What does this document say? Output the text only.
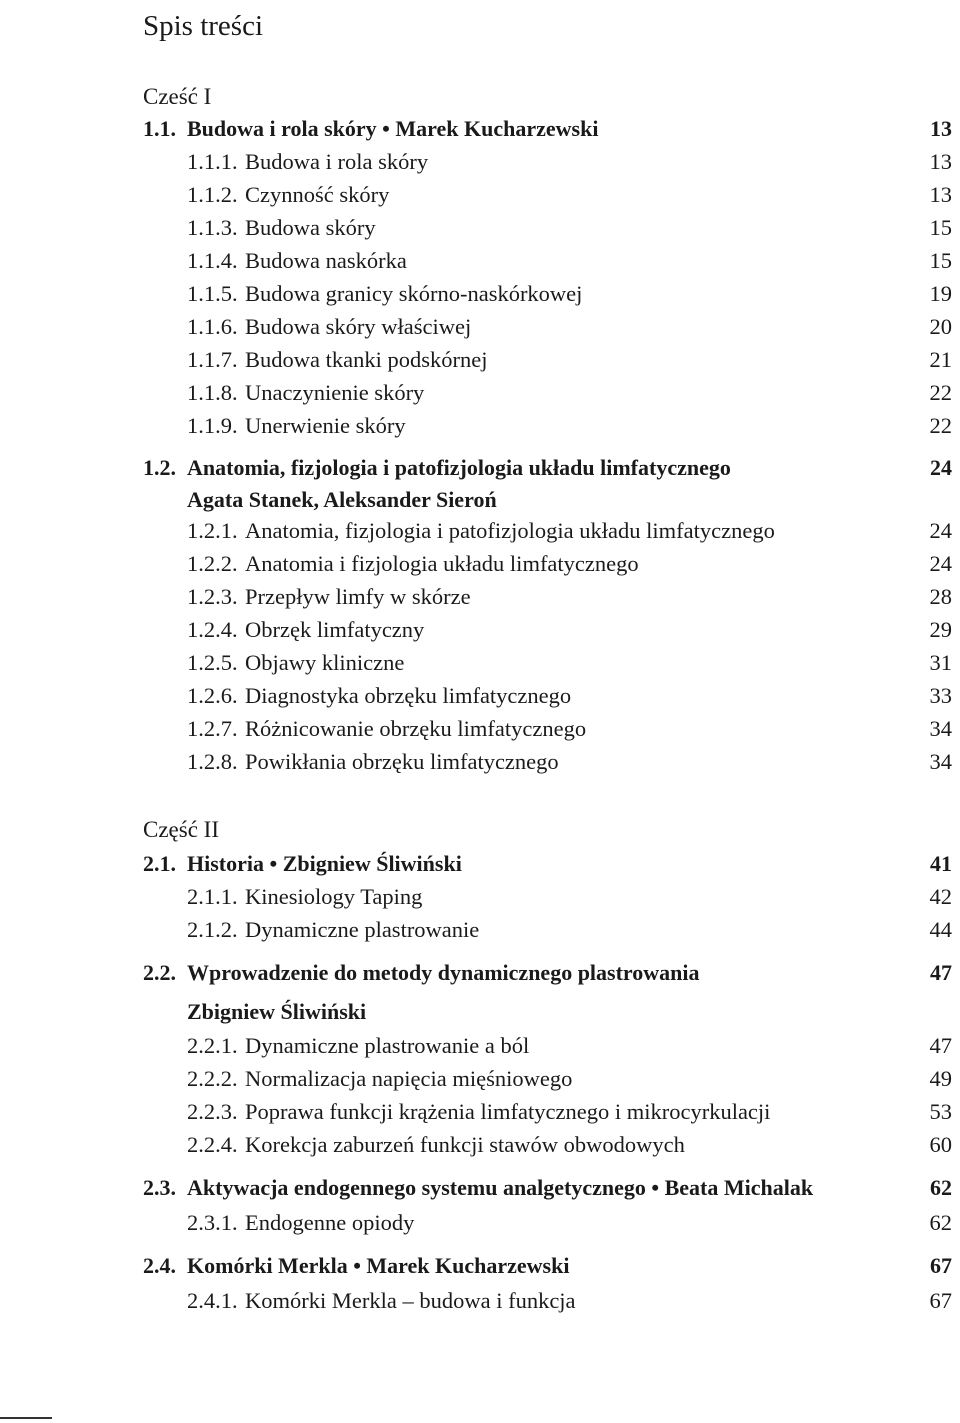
Spis treści
Cześć I
Część II
1.1. Budowa i rola skóry • Marek Kucharzewski	13
1.1.1. Budowa i rola skóry	13
1.1.2. Czynność skóry	13
1.1.3. Budowa skóry	15
1.1.4. Budowa naskórka	15
1.1.5. Budowa granicy skórno-naskórkowej	19
1.1.6. Budowa skóry właściwej	20
1.1.7. Budowa tkanki podskórnej	21
1.1.8. Unaczynienie skóry	22
1.1.9. Unerwienie skóry	22
1.2. Anatomia, fizjologia i patofizjologia układu limfatycznego	24
Agata Stanek, Aleksander Sieroń
1.2.1. Anatomia, fizjologia i patofizjologia układu limfatycznego	24
1.2.2. Anatomia i fizjologia układu limfatycznego	24
1.2.3. Przepływ limfy w skórze	28
1.2.4. Obrzęk limfatyczny	29
1.2.5. Objawy kliniczne	31
1.2.6. Diagnostyka obrzęku limfatycznego	33
1.2.7. Różnicowanie obrzęku limfatycznego	34
1.2.8. Powikłania obrzęku limfatycznego	34
2.1. Historia • Zbigniew Śliwiński	41
2.1.1. Kinesiology Taping	42
2.1.2. Dynamiczne plastrowanie	44
2.2. Wprowadzenie do metody dynamicznego plastrowania	47
Zbigniew Śliwiński
2.2.1. Dynamiczne plastrowanie a ból	47
2.2.2. Normalizacja napięcia mięśniowego	49
2.2.3. Poprawa funkcji krążenia limfatycznego i mikrocyrkulacji	53
2.2.4. Korekcja zaburzeń funkcji stawów obwodowych	60
2.3. Aktywacja endogennego systemu analgetycznego • Beata Michalak	62
2.3.1. Endogenne opiody	62
2.4. Komórki Merkla • Marek Kucharzewski	67
2.4.1. Komórki Merkla – budowa i funkcja	67
